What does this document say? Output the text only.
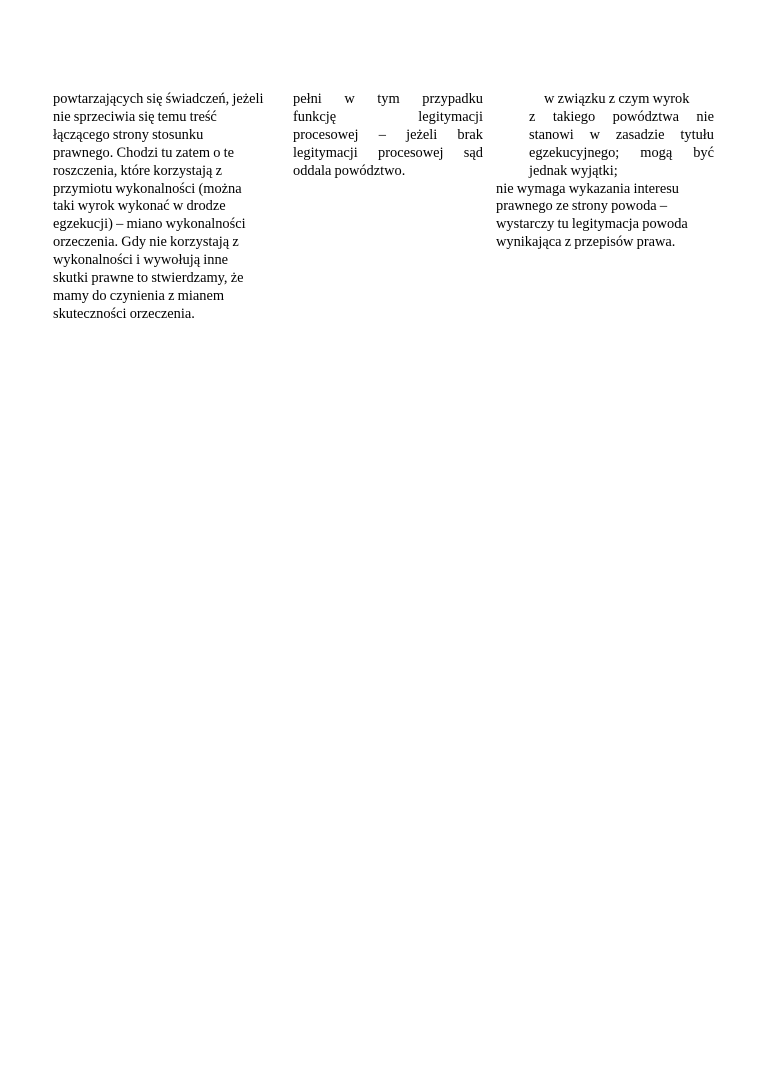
powtarzających się świadczeń, jeżeli
nie sprzeciwia się temu treść
łączącego strony stosunku
prawnego. Chodzi tu zatem o te
roszczenia, które korzystają z
przymiotu wykonalności (można
taki wyrok wykonać w drodze
egzekucji) – miano wykonalności
orzeczenia. Gdy nie korzystają z
wykonalności i wywołują inne
skutki prawne to stwierdzamy, że
mamy do czynienia z mianem
skuteczności orzeczenia.
pełni w tym przypadku
funkcję legitymacji
procesowej – jeżeli brak
legitymacji procesowej sąd
oddala powództwo.
w związku z czym wyrok
z takiego powództwa nie
stanowi w zasadzie tytułu
egzekucyjnego; mogą być
jednak wyjątki;
nie wymaga wykazania interesu
prawnego ze strony powoda –
wystarczy tu legitymacja powoda
wynikająca z przepisów prawa.
